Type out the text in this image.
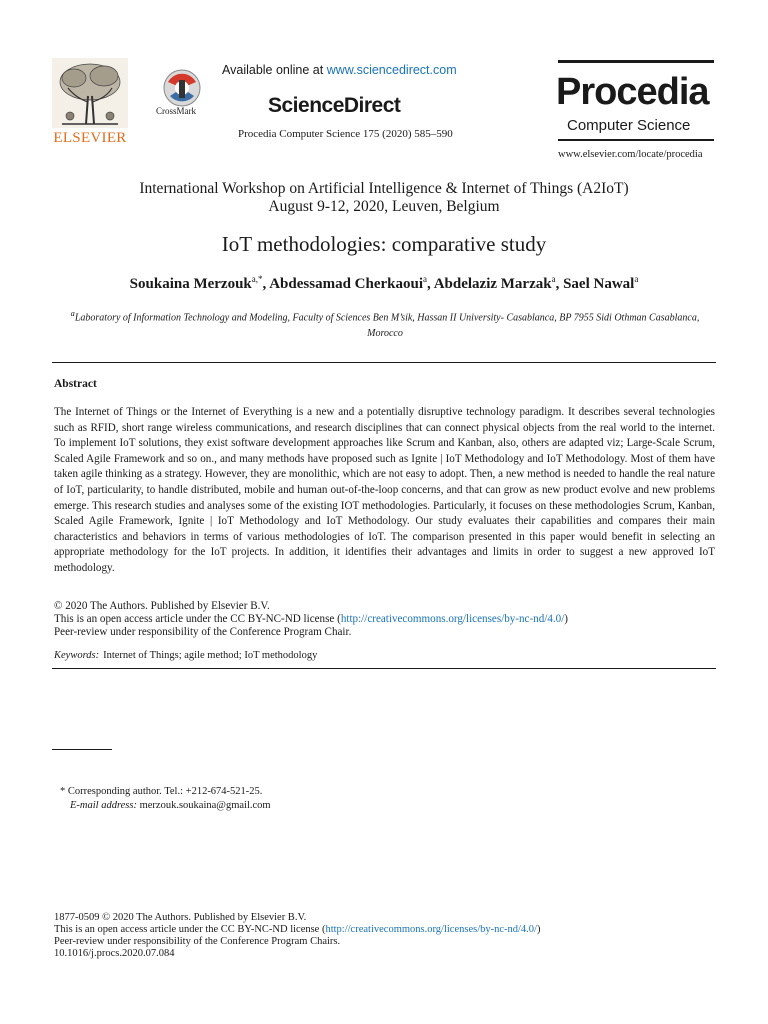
ELSEVIER
CrossMark
Available online at www.sciencedirect.com
ScienceDirect
Procedia Computer Science 175 (2020) 585–590
Procedia
Computer Science
www.elsevier.com/locate/procedia
International Workshop on Artificial Intelligence & Internet of Things (A2IoT)
August 9-12, 2020, Leuven, Belgium
IoT methodologies: comparative study
Soukaina Merzouk$^{a,*}$, Abdessamad Cherkaoui$^a$, Abdelaziz Marzak$^a$, Sael Nawal$^a$
$^a$Laboratory of Information Technology and Modeling, Faculty of Sciences Ben M’sik, Hassan II University- Casablanca, BP 7955 Sidi Othman Casablanca, Morocco
Abstract
The Internet of Things or the Internet of Everything is a new and a potentially disruptive technology paradigm. It describes several technologies such as RFID, short range wireless communications, and research disciplines that can connect physical objects from the real world to the internet. To implement IoT solutions, they exist software development approaches like Scrum and Kanban, also, others are adapted viz; Large-Scale Scrum, Scaled Agile Framework and so on., and many methods have proposed such as Ignite | IoT Methodology and IoT Methodology. Most of them have taken agile thinking as a strategy. However, they are monolithic, which are not easy to adopt. Then, a new method is needed to handle the real nature of IoT, particularity, to handle distributed, mobile and human out-of-the-loop concerns, and that can grow as new product evolve and new problems emerge. This research studies and analyses some of the existing IOT methodologies. Particularly, it focuses on these methodologies Scrum, Kanban, Scaled Agile Framework, Ignite | IoT Methodology and IoT Methodology. Our study evaluates their capabilities and compares their main characteristics and behaviors in terms of various methodologies of IoT. The comparison presented in this paper would benefit in selecting an appropriate methodology for the IoT projects. In addition, it identifies their advantages and limits in order to suggest a new approved IoT methodology.
© 2020 The Authors. Published by Elsevier B.V.
This is an open access article under the CC BY-NC-ND license (http://creativecommons.org/licenses/by-nc-nd/4.0/)
Peer-review under responsibility of the Conference Program Chair.
Keywords: Internet of Things; agile method; IoT methodology
* Corresponding author. Tel.: +212-674-521-25.
E-mail address: merzouk.soukaina@gmail.com
1877-0509 © 2020 The Authors. Published by Elsevier B.V.
This is an open access article under the CC BY-NC-ND license (http://creativecommons.org/licenses/by-nc-nd/4.0/)
Peer-review under responsibility of the Conference Program Chairs.
10.1016/j.procs.2020.07.084
